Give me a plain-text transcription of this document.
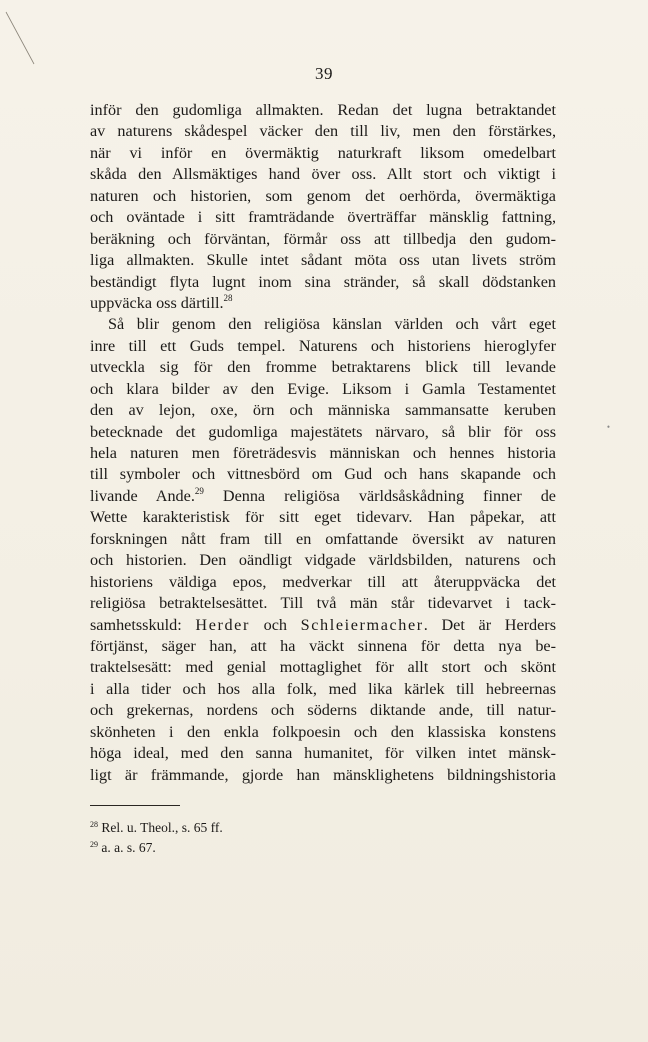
39
inför den gudomliga allmakten. Redan det lugna betraktandet
av naturens skådespel väcker den till liv, men den förstärkes,
när vi inför en övermäktig naturkraft liksom omedelbart
skåda den Allsmäktiges hand över oss. Allt stort och viktigt i
naturen och historien, som genom det oerhörda, övermäktiga
och oväntade i sitt framträdande överträffar mänsklig fattning,
beräkning och förväntan, förmår oss att tillbedja den gudom-
liga allmakten. Skulle intet sådant möta oss utan livets ström
beständigt flyta lugnt inom sina stränder, så skall dödstanken
uppväcka oss därtill.$^{28}$
Så blir genom den religiösa känslan världen och vårt eget
inre till ett Guds tempel. Naturens och historiens hieroglyfer
utveckla sig för den fromme betraktarens blick till levande
och klara bilder av den Evige. Liksom i Gamla Testamentet
den av lejon, oxe, örn och människa sammansatte keruben
betecknade det gudomliga majestätets närvaro, så blir för oss
hela naturen men företrädesvis människan och hennes historia
till symboler och vittnesbörd om Gud och hans skapande och
livande Ande.$^{29}$ Denna religiösa världsåskådning finner de
Wette karakteristisk för sitt eget tidevarv. Han påpekar, att
forskningen nått fram till en omfattande översikt av naturen
och historien. Den oändligt vidgade världsbilden, naturens och
historiens väldiga epos, medverkar till att återuppväcka det
religiösa betraktelsesättet. Till två män står tidevarvet i tack-
samhetsskuld: Herder och Schleiermacher. Det är Herders
förtjänst, säger han, att ha väckt sinnena för detta nya be-
traktelsesätt: med genial mottaglighet för allt stort och skönt
i alla tider och hos alla folk, med lika kärlek till hebreernas
och grekernas, nordens och söderns diktande ande, till natur-
skönheten i den enkla folkpoesin och den klassiska konstens
höga ideal, med den sanna humanitet, för vilken intet mänsk-
ligt är främmande, gjorde han mänsklighetens bildningshistoria
•
$^{28}$ Rel. u. Theol., s. 65 ff.
$^{29}$ a. a. s. 67.
